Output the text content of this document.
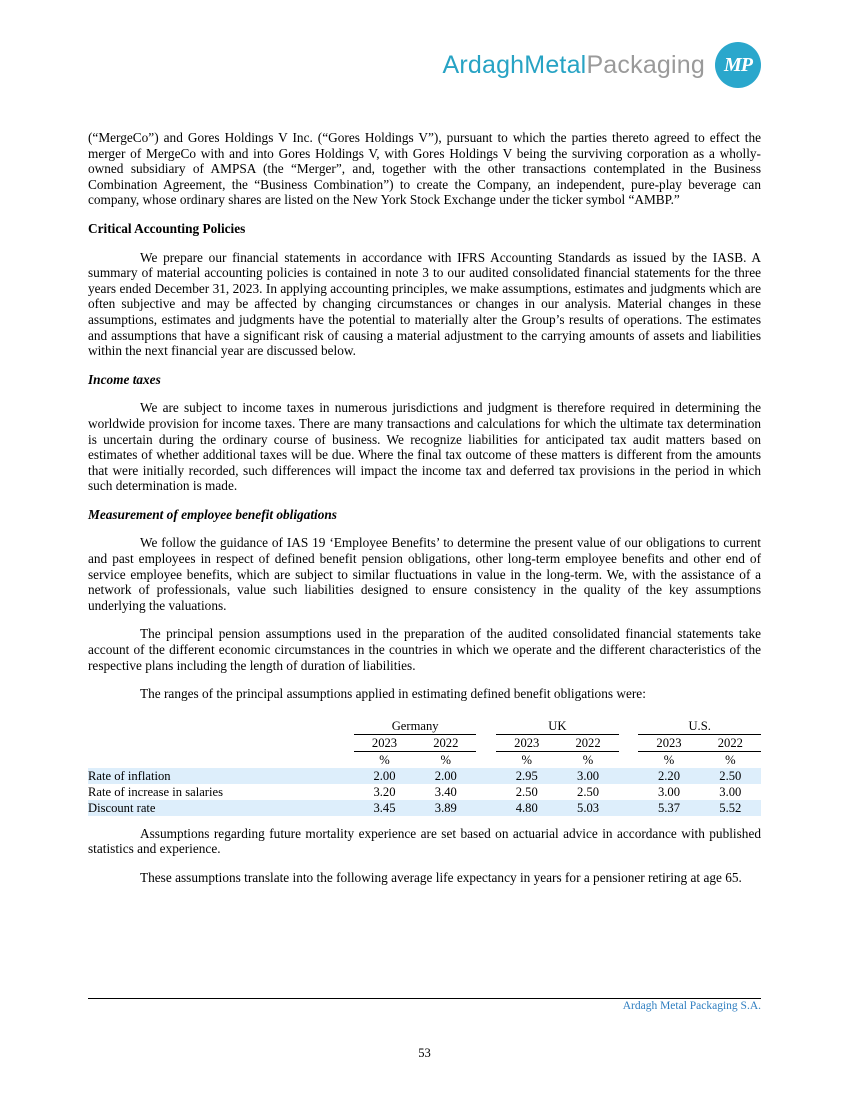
ArdaghMetalPackaging MP

(“MergeCo”) and Gores Holdings V Inc. (“Gores Holdings V”), pursuant to which the parties thereto agreed to effect the merger of MergeCo with and into Gores Holdings V, with Gores Holdings V being the surviving corporation as a wholly-owned subsidiary of AMPSA (the “Merger”, and, together with the other transactions contemplated in the Business Combination Agreement, the “Business Combination”) to create the Company, an independent, pure-play beverage can company, whose ordinary shares are listed on the New York Stock Exchange under the ticker symbol “AMBP.”

Critical Accounting Policies

We prepare our financial statements in accordance with IFRS Accounting Standards as issued by the IASB. A summary of material accounting policies is contained in note 3 to our audited consolidated financial statements for the three years ended December 31, 2023. In applying accounting principles, we make assumptions, estimates and judgments which are often subjective and may be affected by changing circumstances or changes in our analysis. Material changes in these assumptions, estimates and judgments have the potential to materially alter the Group’s results of operations. The estimates and assumptions that have a significant risk of causing a material adjustment to the carrying amounts of assets and liabilities within the next financial year are discussed below.

Income taxes

We are subject to income taxes in numerous jurisdictions and judgment is therefore required in determining the worldwide provision for income taxes. There are many transactions and calculations for which the ultimate tax determination is uncertain during the ordinary course of business. We recognize liabilities for anticipated tax audit matters based on estimates of whether additional taxes will be due. Where the final tax outcome of these matters is different from the amounts that were initially recorded, such differences will impact the income tax and deferred tax provisions in the period in which such determination is made.

Measurement of employee benefit obligations

We follow the guidance of IAS 19 ‘Employee Benefits’ to determine the present value of our obligations to current and past employees in respect of defined benefit pension obligations, other long-term employee benefits and other end of service employee benefits, which are subject to similar fluctuations in value in the long-term. We, with the assistance of a network of professionals, value such liabilities designed to ensure consistency in the quality of the key assumptions underlying the valuations.

The principal pension assumptions used in the preparation of the audited consolidated financial statements take account of the different economic circumstances in the countries in which we operate and the different characteristics of the respective plans including the length of duration of liabilities.

The ranges of the principal assumptions applied in estimating defined benefit obligations were:

	Germany			UK			U.S.	
	2023	2022		2023	2022		2023	2022
	%	%		%	%		%	%
Rate of inflation	2.00	2.00		2.95	3.00		2.20	2.50
Rate of increase in salaries	3.20	3.40		2.50	2.50		3.00	3.00
Discount rate	3.45	3.89		4.80	5.03		5.37	5.52

Assumptions regarding future mortality experience are set based on actuarial advice in accordance with published statistics and experience.

These assumptions translate into the following average life expectancy in years for a pensioner retiring at age 65.

Ardagh Metal Packaging S.A.
53
